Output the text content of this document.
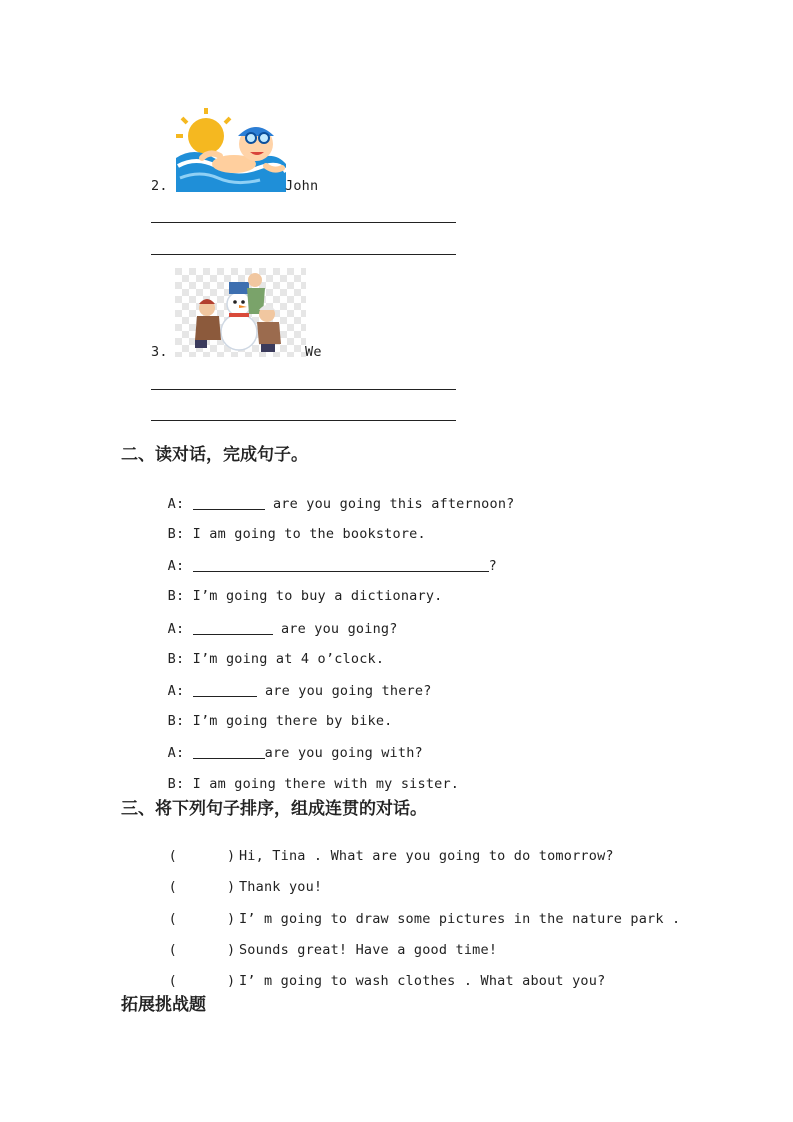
2.	John
3.	We
二、读对话，完成句子。

A:	are you going this afternoon?

B: I am going to the bookstore.

A:	?

B: I’m going to buy a dictionary.

A:	are you going?

B: I’m going at 4 o’clock.

A:	are you going there?

B: I’m going there by bike.

A:	are you going with?

B: I am going there with my sister.

三、将下列句子排序，组成连贯的对话。

(	) Hi, Tina . What are you going to do tomorrow?

(	) Thank you!

(	) I’ m going to draw some pictures in the nature park .

(	) Sounds great! Have a good time!

(	) I’ m going to wash clothes . What about you?

拓展挑战题
